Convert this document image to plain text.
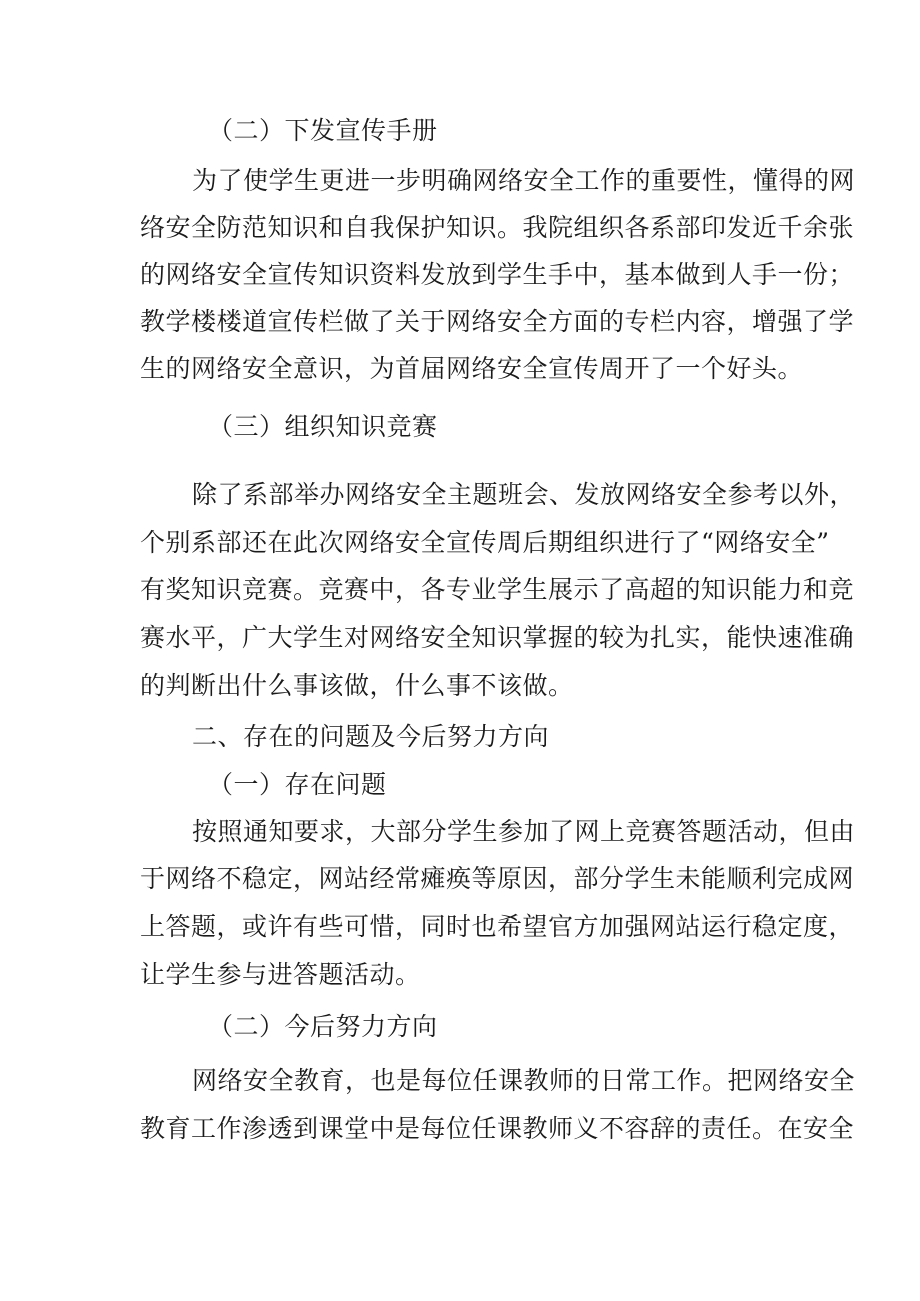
（二）下发宣传手册
为了使学生更进一步明确网络安全工作的重要性，懂得的网
络安全防范知识和自我保护知识。我院组织各系部印发近千余张
的网络安全宣传知识资料发放到学生手中，基本做到人手一份；
教学楼楼道宣传栏做了关于网络安全方面的专栏内容，增强了学
生的网络安全意识，为首届网络安全宣传周开了一个好头。
（三）组织知识竞赛
除了系部举办网络安全主题班会、发放网络安全参考以外，
个别系部还在此次网络安全宣传周后期组织进行了“网络安全”
有奖知识竞赛。竞赛中，各专业学生展示了高超的知识能力和竞
赛水平，广大学生对网络安全知识掌握的较为扎实，能快速准确
的判断出什么事该做，什么事不该做。
二、存在的问题及今后努力方向
（一）存在问题
按照通知要求，大部分学生参加了网上竞赛答题活动，但由
于网络不稳定，网站经常瘫痪等原因，部分学生未能顺利完成网
上答题，或许有些可惜，同时也希望官方加强网站运行稳定度，
让学生参与进答题活动。
（二）今后努力方向
网络安全教育，也是每位任课教师的日常工作。把网络安全
教育工作渗透到课堂中是每位任课教师义不容辞的责任。在安全
